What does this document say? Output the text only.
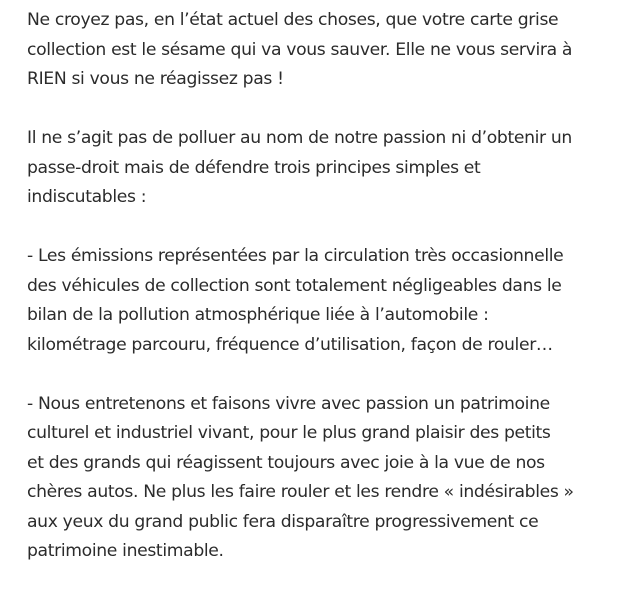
Ne croyez pas, en l’état actuel des choses, que votre carte grise
collection est le sésame qui va vous sauver. Elle ne vous servira à
RIEN si vous ne réagissez pas !

Il ne s’agit pas de polluer au nom de notre passion ni d’obtenir un
passe-droit mais de défendre trois principes simples et
indiscutables :

- Les émissions représentées par la circulation très occasionnelle
des véhicules de collection sont totalement négligeables dans le
bilan de la pollution atmosphérique liée à l’automobile :
kilométrage parcouru, fréquence d’utilisation, façon de rouler…

- Nous entretenons et faisons vivre avec passion un patrimoine
culturel et industriel vivant, pour le plus grand plaisir des petits
et des grands qui réagissent toujours avec joie à la vue de nos
chères autos. Ne plus les faire rouler et les rendre « indésirables »
aux yeux du grand public fera disparaître progressivement ce
patrimoine inestimable.
